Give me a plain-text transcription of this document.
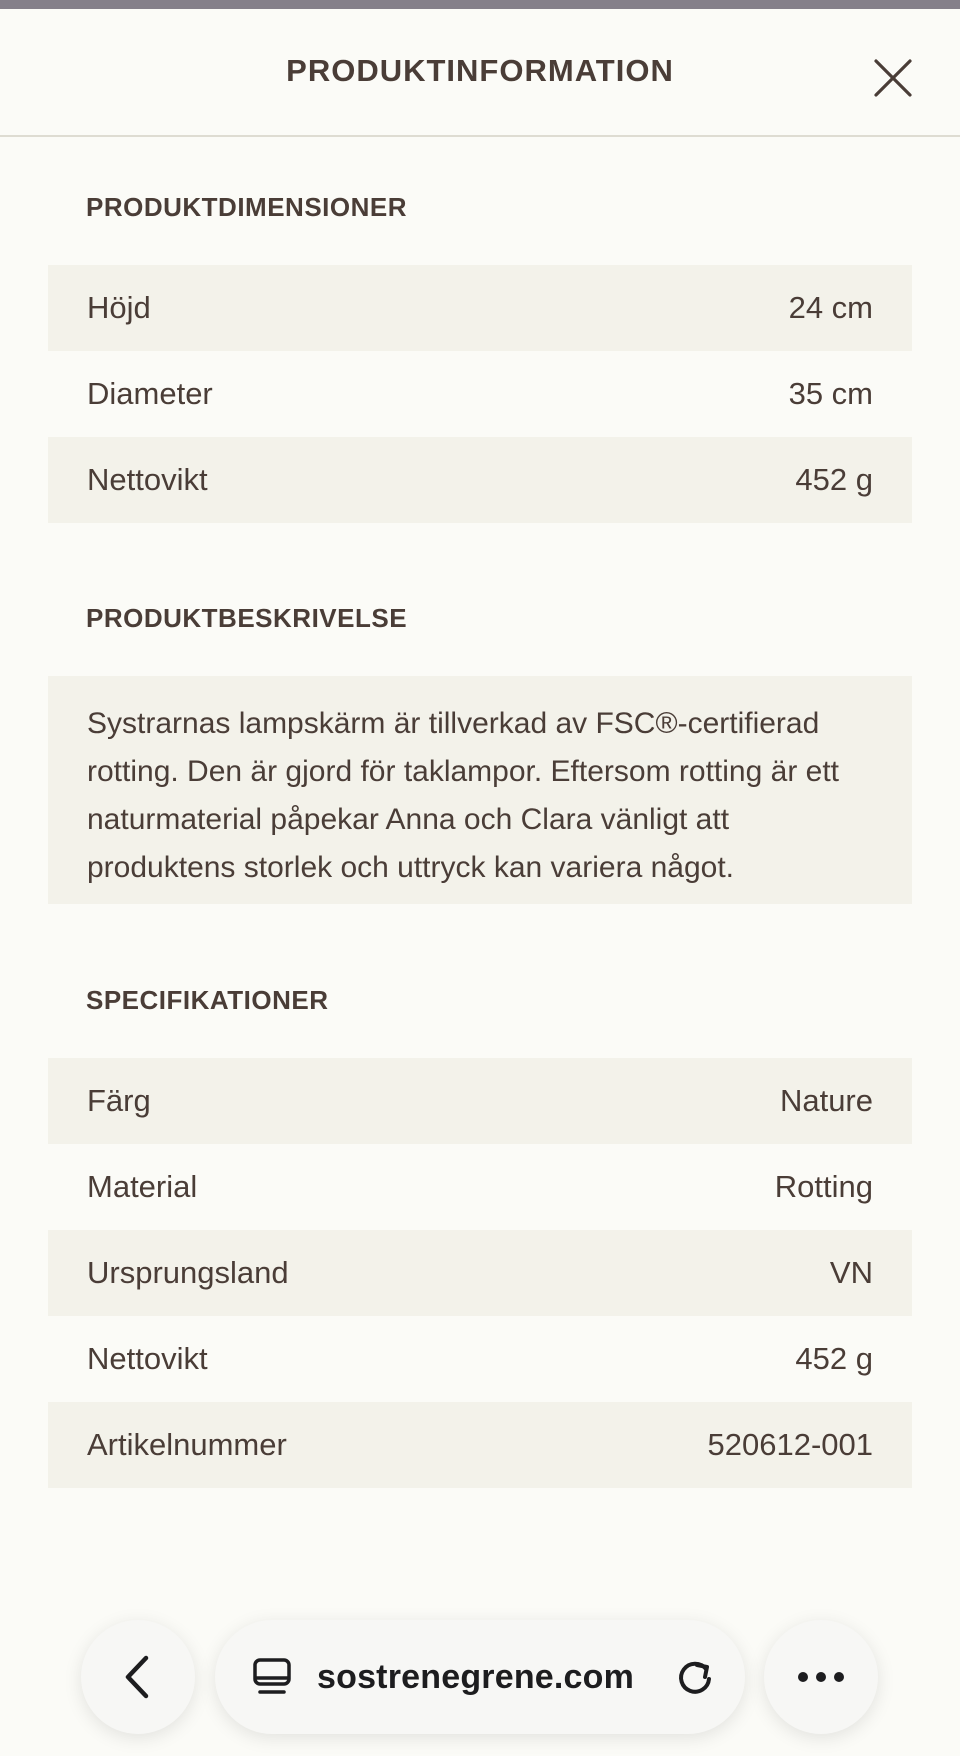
PRODUKTINFORMATION
PRODUKTDIMENSIONER
Höjd	24 cm
Diameter	35 cm
Nettovikt	452 g
PRODUKTBESKRIVELSE
Systrarnas lampskärm är tillverkad av FSC®-certifierad
rotting. Den är gjord för taklampor. Eftersom rotting är ett
naturmaterial påpekar Anna och Clara vänligt att
produktens storlek och uttryck kan variera något.
SPECIFIKATIONER
Färg	Nature
Material	Rotting
Ursprungsland	VN
Nettovikt	452 g
Artikelnummer	520612-001
sostrenegrene.com
